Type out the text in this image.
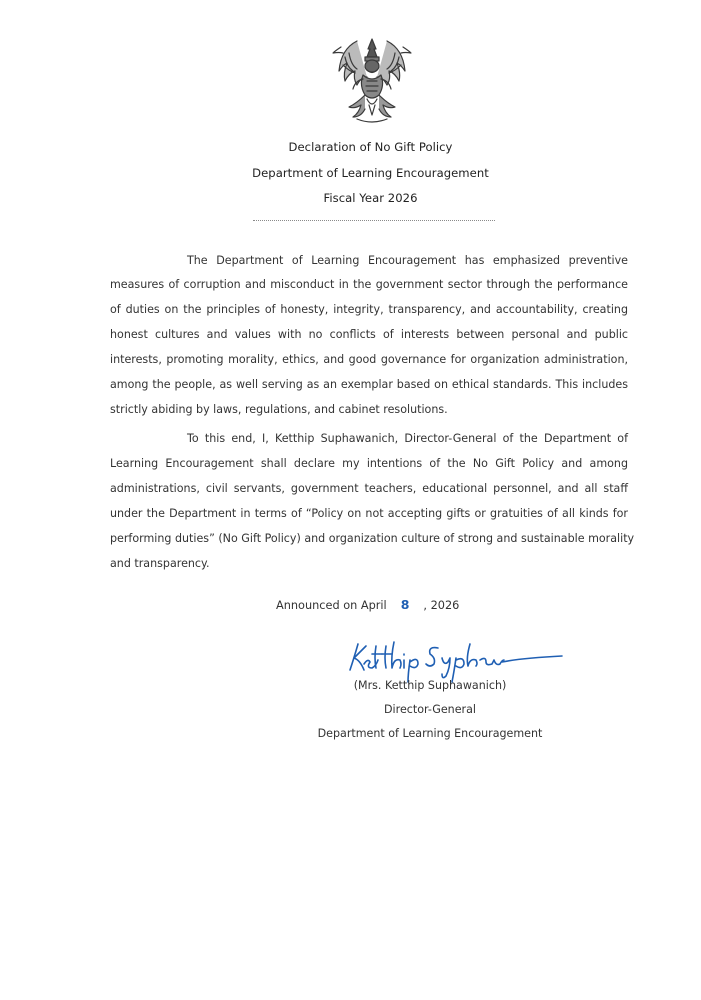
Declaration of No Gift Policy
Department of Learning Encouragement
Fiscal Year 2026
The Department of Learning Encouragement has emphasized preventive
measures of corruption and misconduct in the government sector through the performance
of duties on the principles of honesty, integrity, transparency, and accountability, creating
honest cultures and values with no conflicts of interests between personal and public
interests, promoting morality, ethics, and good governance for organization administration,
among the people, as well serving as an exemplar based on ethical standards. This includes
strictly abiding by laws, regulations, and cabinet resolutions.
To this end, I, Ketthip Suphawanich, Director-General of the Department of
Learning Encouragement shall declare my intentions of the No Gift Policy and among
administrations, civil servants, government teachers, educational personnel, and all staff
under the Department in terms of “Policy on not accepting gifts or gratuities of all kinds for
performing duties” (No Gift Policy) and organization culture of strong and sustainable morality
and transparency.
Announced on April 8 , 2026
(Mrs. Ketthip Suphawanich)
Director-General
Department of Learning Encouragement
